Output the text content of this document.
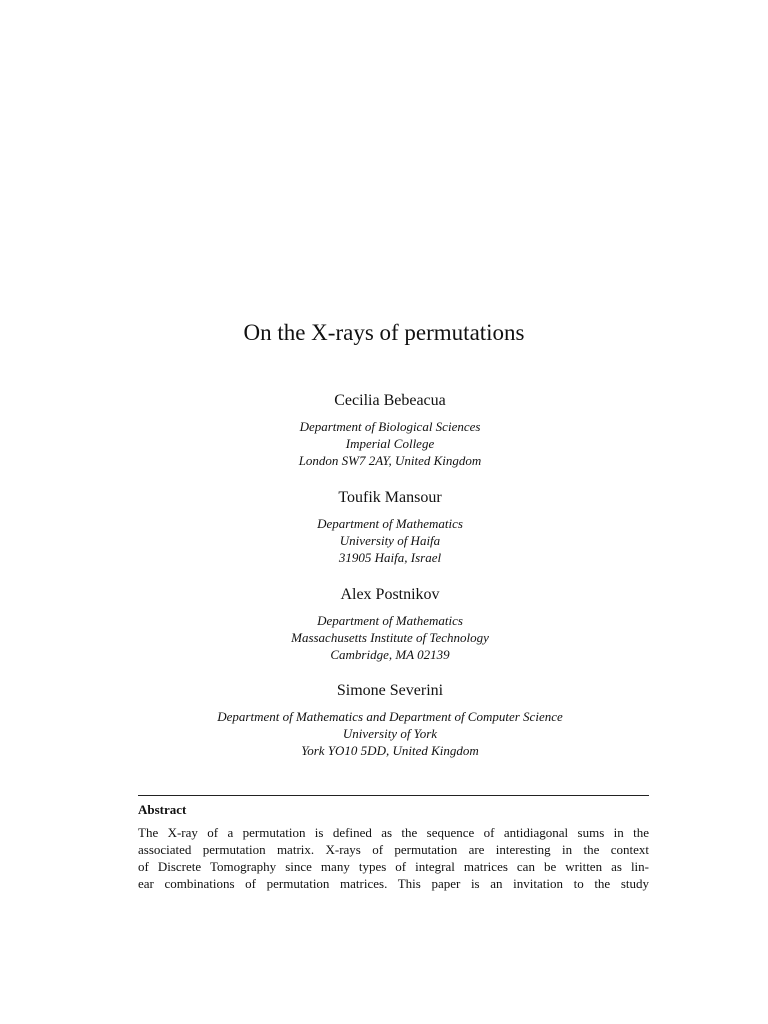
On the X-rays of permutations
Cecilia Bebeacua
Department of Biological Sciences
Imperial College
London SW7 2AY, United Kingdom
Toufik Mansour
Department of Mathematics
University of Haifa
31905 Haifa, Israel
Alex Postnikov
Department of Mathematics
Massachusetts Institute of Technology
Cambridge, MA 02139
Simone Severini
Department of Mathematics and Department of Computer Science
University of York
York YO10 5DD, United Kingdom
Abstract
The X-ray of a permutation is defined as the sequence of antidiagonal sums in the
associated permutation matrix. X-rays of permutation are interesting in the context
of Discrete Tomography since many types of integral matrices can be written as lin-
ear combinations of permutation matrices. This paper is an invitation to the study
